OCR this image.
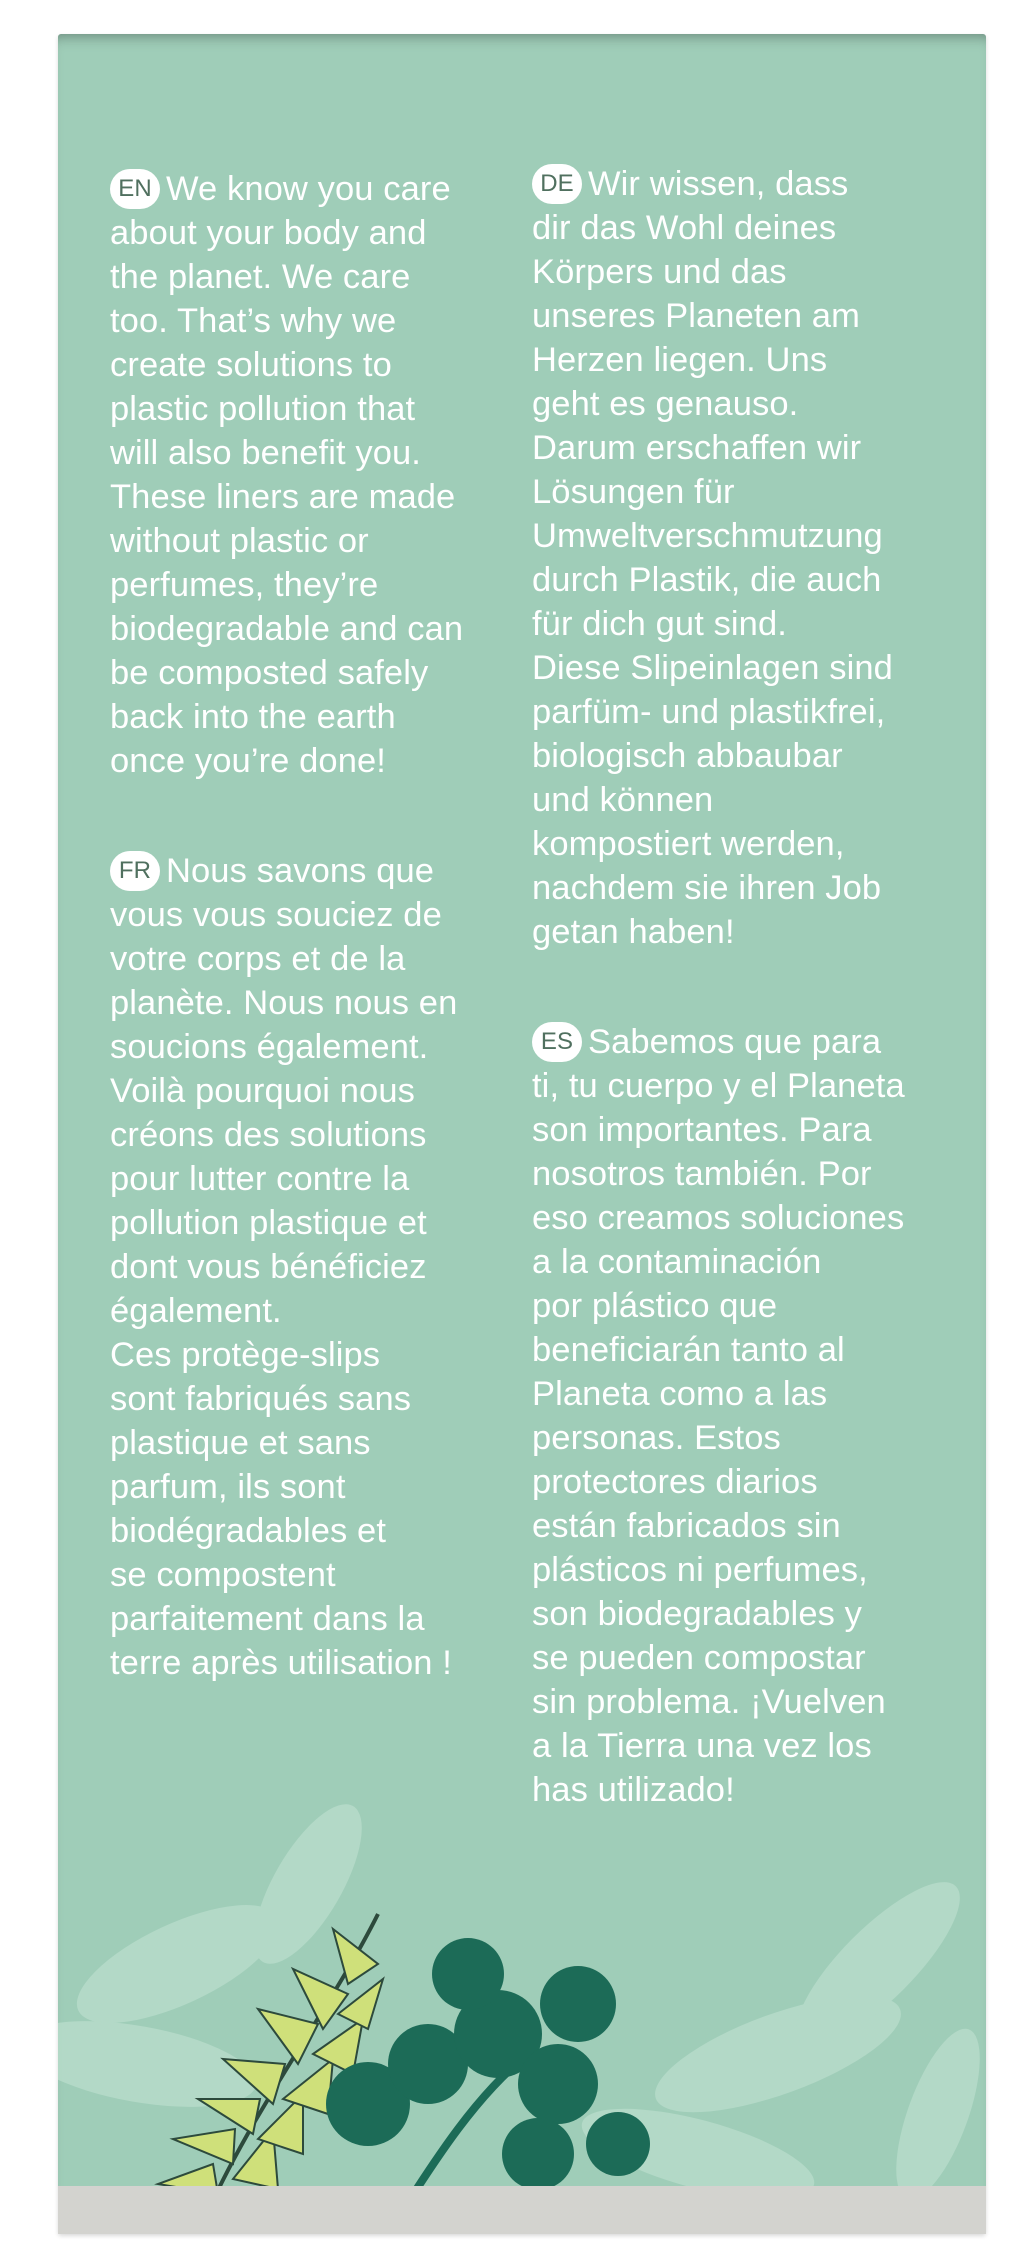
EN We know you care
about your body and
the planet. We care
too. That’s why we
create solutions to
plastic pollution that
will also benefit you.
These liners are made
without plastic or
perfumes, they’re
biodegradable and can
be composted safely
back into the earth
once you’re done!

FR Nous savons que
vous vous souciez de
votre corps et de la
planète. Nous nous en
soucions également.
Voilà pourquoi nous
créons des solutions
pour lutter contre la
pollution plastique et
dont vous bénéficiez
également.
Ces protège-slips
sont fabriqués sans
plastique et sans
parfum, ils sont
biodégradables et
se compostent
parfaitement dans la
terre après utilisation !

DE Wir wissen, dass
dir das Wohl deines
Körpers und das
unseres Planeten am
Herzen liegen. Uns
geht es genauso.
Darum erschaffen wir
Lösungen für
Umweltverschmutzung
durch Plastik, die auch
für dich gut sind.
Diese Slipeinlagen sind
parfüm- und plastikfrei,
biologisch abbaubar
und können
kompostiert werden,
nachdem sie ihren Job
getan haben!

ES Sabemos que para
ti, tu cuerpo y el Planeta
son importantes. Para
nosotros también. Por
eso creamos soluciones
a la contaminación
por plástico que
beneficiarán tanto al
Planeta como a las
personas. Estos
protectores diarios
están fabricados sin
plásticos ni perfumes,
son biodegradables y
se pueden compostar
sin problema. ¡Vuelven
a la Tierra una vez los
has utilizado!
